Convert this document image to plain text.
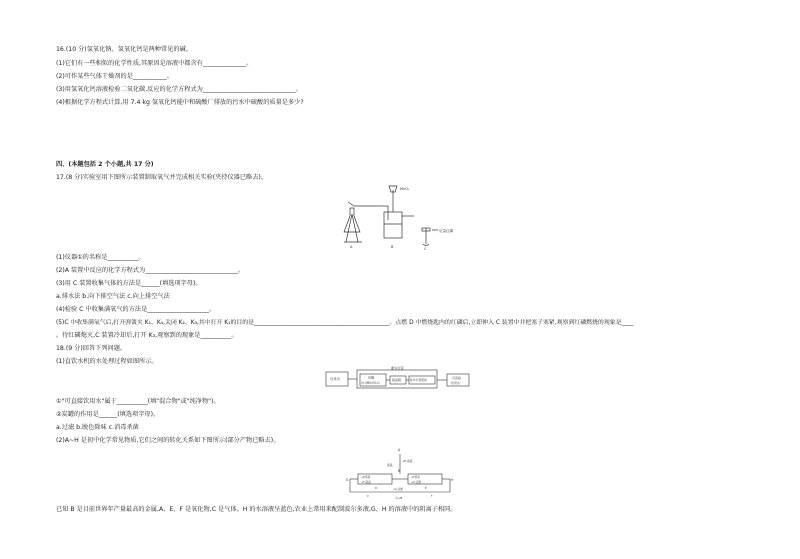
16.(10 分)氢氧化钠、氢氧化钙是两种常见的碱。
(1)它们有一些相似的化学性质,其原因是溶液中都含有______________。
(2)可作某些气体干燥剂的是___________。
(3)用氢氧化钙溶液检验二氧化碳,反应的化学方程式为______________________________。
(4)根据化学方程式计算,用 7.4 kg 氢氧化钙能中和硫酸厂排放的污水中硫酸的质量是多少?
四、(本题包括 2 个小题,共 17 分)
17.(8 分)实验室用下图所示装置制取氧气并完成相关实验(夹持仪器已略去)。
MnO₂
A	B	C
足量红磷
(1)仪器①的名称是__________。
(2)A 装置中反应的化学方程式为______________________________。
(3)用 C 装置收集气体的方法是______(填选项字母)。
a.排水法 b.向下排空气法 c.向上排空气法
(4)检验 C 中收集满氧气的方法是____________________。
(5)C 中收集满氧气后,打开弹簧夹 K₁、K₄,关闭 K₂、K₃,其中打开 K₁的目的是______________________________________________。点燃 D 中燃烧匙内的红磷后,立即伸入 C 装置中并把塞子塞紧,观察到红磷燃烧的现象是____
。待红磷熄灭,C 装置冷却后,打开 K₃,观察到的现象是__________。
18.(9 分)回答下列问题。
(1)直饮水机的水处理过程如图所示。
自来水
紫外灯管
炭罐
(内含颗粒活性炭)
超滤膜	紫外灯管照射	可直接
饮用水
①"可直接饮用水"属于__________(填"混合物"或"纯净物")。
②炭罐的作用是______(填选项字母)。
a.过滤 b.脱色除味 c.消毒杀菌
(2)A~H 是初中化学常见物质,它们之间的转化关系如下图所示(部分产物已略去)。
A
+E,高温
高温
B
+H溶液	+F溶液
+F,高温	+C,点燃
G	H
D	E
+C,点燃
C	F
①+B
已知 B 是目前世界年产量最高的金属,A、E、F 是氧化物,C 是气体。H 的水溶液呈蓝色,农业上常用来配制波尔多液,G、H 的溶液中的阴离子相同。
